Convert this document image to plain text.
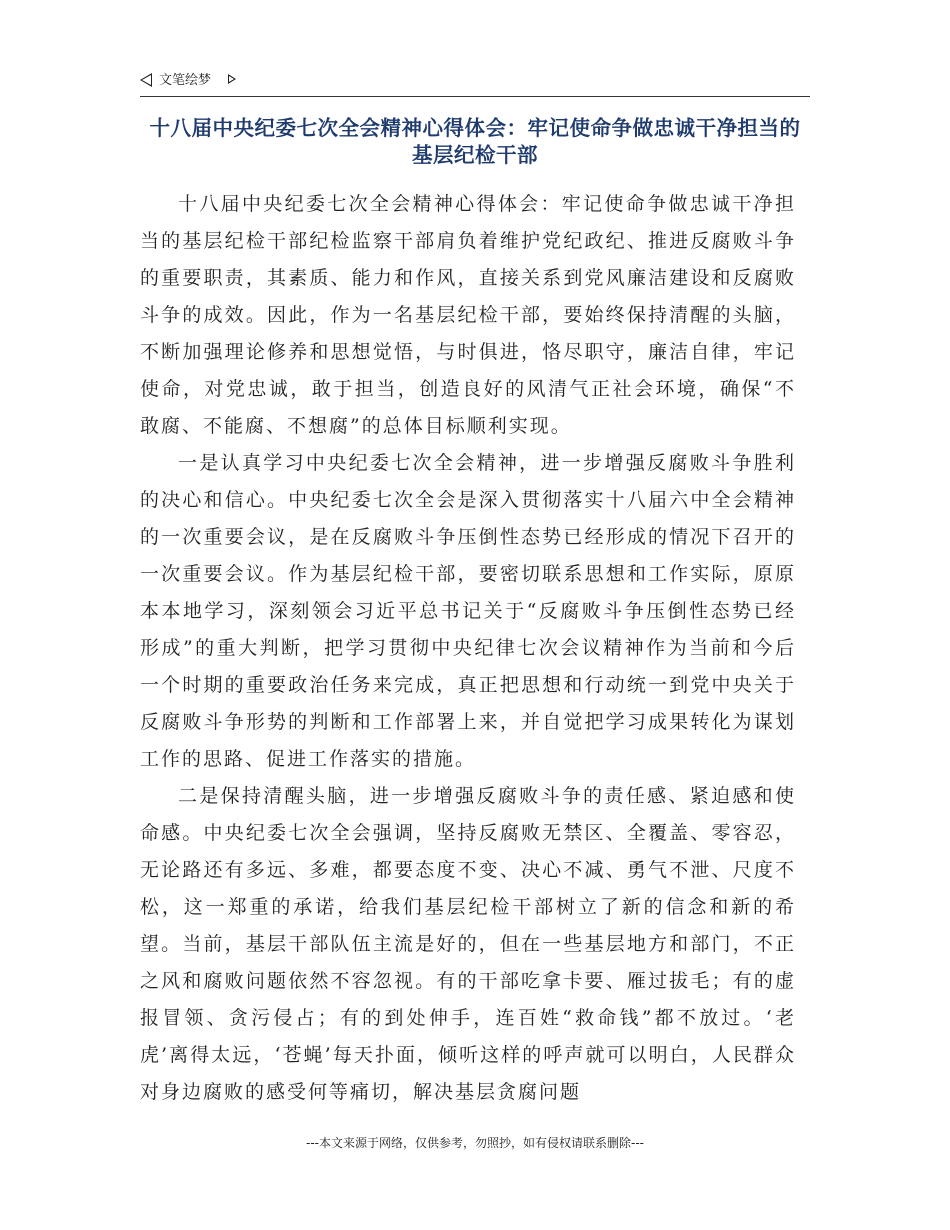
文笔绘梦
十八届中央纪委七次全会精神心得体会：牢记使命争做忠诚干净担当的基层纪检干部

十八届中央纪委七次全会精神心得体会：牢记使命争做忠诚干净担当的基层纪检干部纪检监察干部肩负着维护党纪政纪、推进反腐败斗争的重要职责，其素质、能力和作风，直接关系到党风廉洁建设和反腐败斗争的成效。因此，作为一名基层纪检干部，要始终保持清醒的头脑，不断加强理论修养和思想觉悟，与时俱进，恪尽职守，廉洁自律，牢记使命，对党忠诚，敢于担当，创造良好的风清气正社会环境，确保“不敢腐、不能腐、不想腐”的总体目标顺利实现。

一是认真学习中央纪委七次全会精神，进一步增强反腐败斗争胜利的决心和信心。中央纪委七次全会是深入贯彻落实十八届六中全会精神的一次重要会议，是在反腐败斗争压倒性态势已经形成的情况下召开的一次重要会议。作为基层纪检干部，要密切联系思想和工作实际，原原本本地学习，深刻领会习近平总书记关于“反腐败斗争压倒性态势已经形成”的重大判断，把学习贯彻中央纪律七次会议精神作为当前和今后一个时期的重要政治任务来完成，真正把思想和行动统一到党中央关于反腐败斗争形势的判断和工作部署上来，并自觉把学习成果转化为谋划工作的思路、促进工作落实的措施。

二是保持清醒头脑，进一步增强反腐败斗争的责任感、紧迫感和使命感。中央纪委七次全会强调，坚持反腐败无禁区、全覆盖、零容忍，无论路还有多远、多难，都要态度不变、决心不减、勇气不泄、尺度不松，这一郑重的承诺，给我们基层纪检干部树立了新的信念和新的希望。当前，基层干部队伍主流是好的，但在一些基层地方和部门，不正之风和腐败问题依然不容忽视。有的干部吃拿卡要、雁过拔毛；有的虚报冒领、贪污侵占；有的到处伸手，连百姓“救命钱”都不放过。‘老虎’离得太远，‘苍蝇’每天扑面，倾听这样的呼声就可以明白，人民群众对身边腐败的感受何等痛切，解决基层贪腐问题

---本文来源于网络，仅供参考，勿照抄，如有侵权请联系删除---
